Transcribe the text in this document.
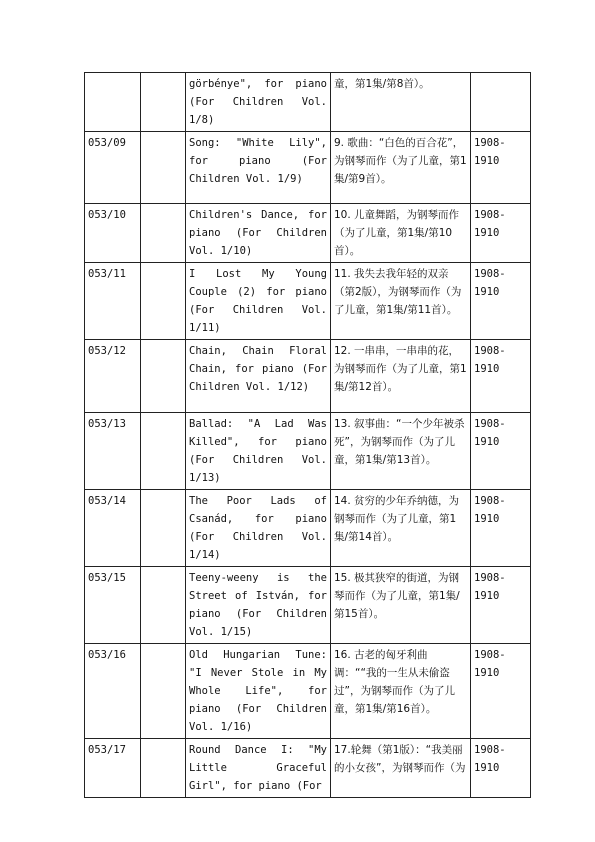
		görbénye", for piano (For Children Vol. 1/8)	童，第1集/第8首）。	
053/09		Song: "White Lily", for piano (For Children Vol. 1/9)	9. 歌曲：“白色的百合花”，为钢琴而作（为了儿童，第1集/第9首）。	1908-1910
053/10		Children's Dance, for piano (For Children Vol. 1/10)	10. 儿童舞蹈，为钢琴而作（为了儿童，第1集/第10首）。	1908-1910
053/11		I Lost My Young Couple (2) for piano (For Children Vol. 1/11)	11. 我失去我年轻的双亲（第2版），为钢琴而作（为了儿童，第1集/第11首）。	1908-1910
053/12		Chain, Chain Floral Chain, for piano (For Children Vol. 1/12)	12. 一串串，一串串的花，为钢琴而作（为了儿童，第1集/第12首）。	1908-1910
053/13		Ballad: "A Lad Was Killed", for piano (For Children Vol. 1/13)	13. 叙事曲：“一个少年被杀死”，为钢琴而作（为了儿童，第1集/第13首）。	1908-1910
053/14		The Poor Lads of Csanád, for piano (For Children Vol. 1/14)	14. 贫穷的少年乔纳德，为钢琴而作（为了儿童，第1集/第14首）。	1908-1910
053/15		Teeny-weeny is the Street of István, for piano (For Children Vol. 1/15)	15. 极其狭窄的街道，为钢琴而作（为了儿童，第1集/第15首）。	1908-1910
053/16		Old Hungarian Tune: "I Never Stole in My Whole Life", for piano (For Children Vol. 1/16)	16. 古老的匈牙利曲调：““我的一生从未偷盗过”，为钢琴而作（为了儿童，第1集/第16首）。	1908-1910
053/17		Round Dance I: "My Little Graceful Girl", for piano (For	17.轮舞（第1版）：“我美丽的小女孩”，为钢琴而作（为	1908-1910
